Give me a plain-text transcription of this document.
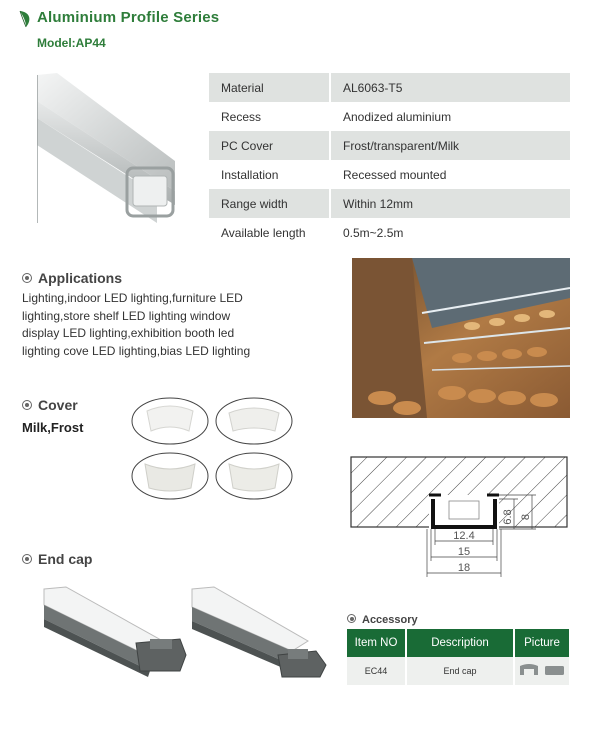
Aluminium Profile Series
Model:AP44
Material	AL6063-T5
Recess	Anodized aluminium
PC Cover	Frost/transparent/Milk
Installation	Recessed mounted
Range width	Within 12mm
Available length	0.5m~2.5m
Applications
Lighting,indoor LED lighting,furniture LED
lighting,store shelf LED lighting window
display LED lighting,exhibition booth led
lighting cove LED lighting,bias LED lighting
Cover
Milk,Frost
12.4
15
18
6.8 8
End cap
Accessory
Item NO	Description	Picture
EC44	End cap	
